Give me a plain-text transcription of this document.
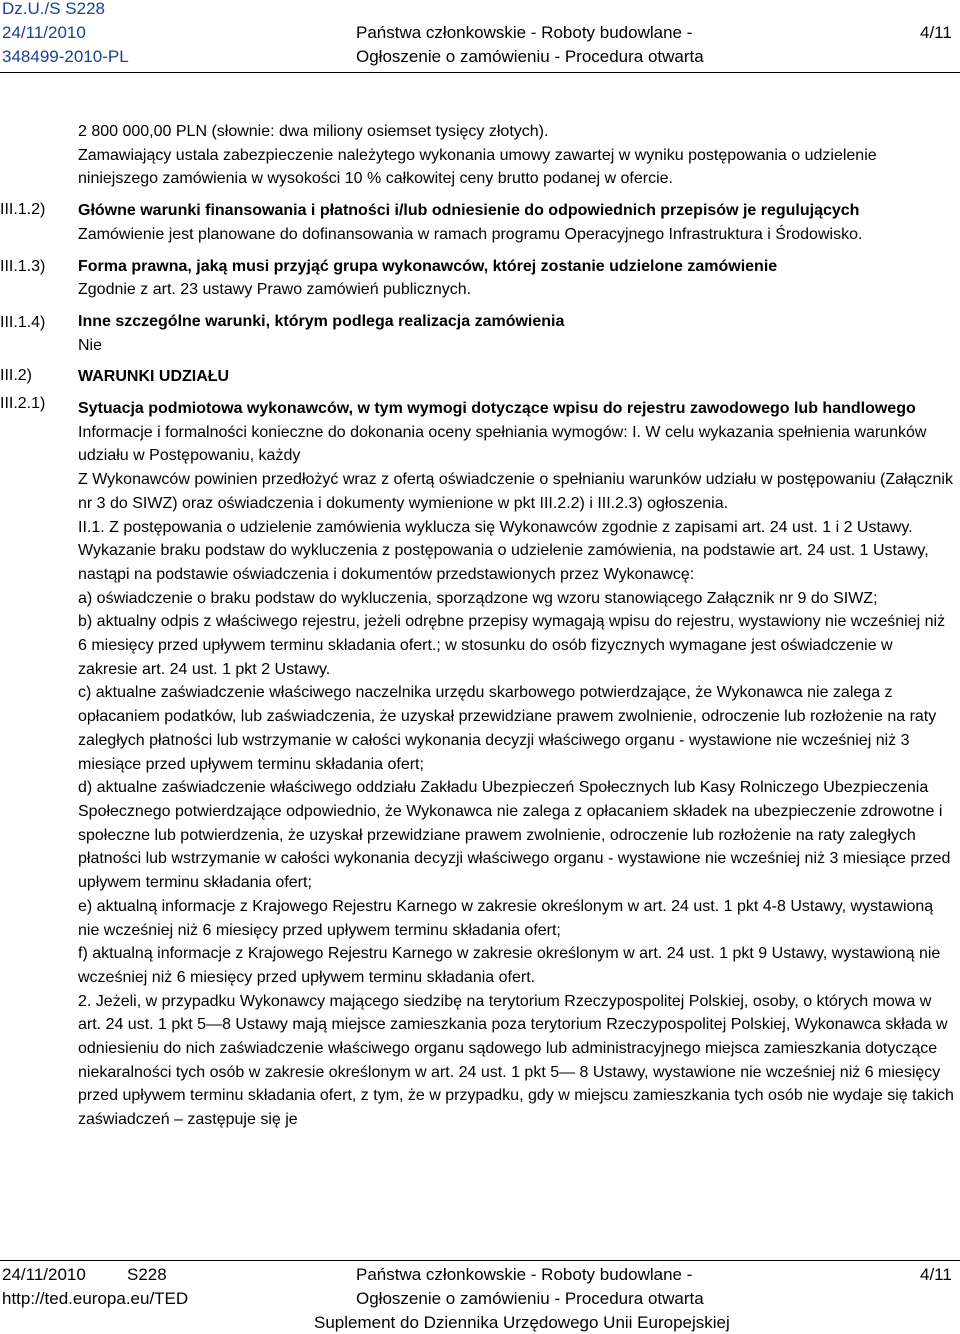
Dz.U./S S228
24/11/2010
348499-2010-PL
Państwa członkowskie - Roboty budowlane -
Ogłoszenie o zamówieniu - Procedura otwarta
4/11
III.1.2)
III.1.3)
III.1.4)
III.2)
III.2.1)

2 800 000,00 PLN (słownie: dwa miliony osiemset tysięcy złotych).

Zamawiający ustala zabezpieczenie należytego wykonania umowy zawartej w wyniku postępowania o udzielenie niniejszego zamówienia w wysokości 10 % całkowitej ceny brutto podanej w ofercie.

Główne warunki finansowania i płatności i/lub odniesienie do odpowiednich przepisów je regulujących

Zamówienie jest planowane do dofinansowania w ramach programu Operacyjnego Infrastruktura i Środowisko.

Forma prawna, jaką musi przyjąć grupa wykonawców, której zostanie udzielone zamówienie

Zgodnie z art. 23 ustawy Prawo zamówień publicznych.

Inne szczególne warunki, którym podlega realizacja zamówienia

Nie

WARUNKI UDZIAŁU

Sytuacja podmiotowa wykonawców, w tym wymogi dotyczące wpisu do rejestru zawodowego lub handlowego

Informacje i formalności konieczne do dokonania oceny spełniania wymogów: I. W celu wykazania spełnienia warunków udziału w Postępowaniu, każdy

Z Wykonawców powinien przedłożyć wraz z ofertą oświadczenie o spełnianiu warunków udziału w postępowaniu (Załącznik nr 3 do SIWZ) oraz oświadczenia i dokumenty wymienione w pkt III.2.2) i III.2.3) ogłoszenia.

II.1. Z postępowania o udzielenie zamówienia wyklucza się Wykonawców zgodnie z zapisami art. 24 ust. 1 i 2 Ustawy. Wykazanie braku podstaw do wykluczenia z postępowania o udzielenie zamówienia, na podstawie art. 24 ust. 1 Ustawy, nastąpi na podstawie oświadczenia i dokumentów przedstawionych przez Wykonawcę:

a) oświadczenie o braku podstaw do wykluczenia, sporządzone wg wzoru stanowiącego Załącznik nr 9 do SIWZ;

b) aktualny odpis z właściwego rejestru, jeżeli odrębne przepisy wymagają wpisu do rejestru, wystawiony nie wcześniej niż 6 miesięcy przed upływem terminu składania ofert.; w stosunku do osób fizycznych wymagane jest oświadczenie w zakresie art. 24 ust. 1 pkt 2 Ustawy.

c) aktualne zaświadczenie właściwego naczelnika urzędu skarbowego potwierdzające, że Wykonawca nie zalega z opłacaniem podatków, lub zaświadczenia, że uzyskał przewidziane prawem zwolnienie, odroczenie lub rozłożenie na raty zaległych płatności lub wstrzymanie w całości wykonania decyzji właściwego organu - wystawione nie wcześniej niż 3 miesiące przed upływem terminu składania ofert;

d) aktualne zaświadczenie właściwego oddziału Zakładu Ubezpieczeń Społecznych lub Kasy Rolniczego Ubezpieczenia Społecznego potwierdzające odpowiednio, że Wykonawca nie zalega z opłacaniem składek na ubezpieczenie zdrowotne i społeczne lub potwierdzenia, że uzyskał przewidziane prawem zwolnienie, odroczenie lub rozłożenie na raty zaległych płatności lub wstrzymanie w całości wykonania decyzji właściwego organu - wystawione nie wcześniej niż 3 miesiące przed upływem terminu składania ofert;

e) aktualną informacje z Krajowego Rejestru Karnego w zakresie określonym w art. 24 ust. 1 pkt 4-8 Ustawy, wystawioną nie wcześniej niż 6 miesięcy przed upływem terminu składania ofert;

f) aktualną informacje z Krajowego Rejestru Karnego w zakresie określonym w art. 24 ust. 1 pkt 9 Ustawy, wystawioną nie wcześniej niż 6 miesięcy przed upływem terminu składania ofert.

2. Jeżeli, w przypadku Wykonawcy mającego siedzibę na terytorium Rzeczypospolitej Polskiej, osoby, o których mowa w art. 24 ust. 1 pkt 5—8 Ustawy mają miejsce zamieszkania poza terytorium Rzeczypospolitej Polskiej, Wykonawca składa w odniesieniu do nich zaświadczenie właściwego organu sądowego lub administracyjnego miejsca zamieszkania dotyczące niekaralności tych osób w zakresie określonym w art. 24 ust. 1 pkt 5— 8 Ustawy, wystawione nie wcześniej niż 6 miesięcy przed upływem terminu składania ofert, z tym, że w przypadku, gdy w miejscu zamieszkania tych osób nie wydaje się takich zaświadczeń – zastępuje się je

24/11/2010 S228
http://ted.europa.eu/TED
Państwa członkowskie - Roboty budowlane -
Ogłoszenie o zamówieniu - Procedura otwarta
Suplement do Dziennika Urzędowego Unii Europejskiej
4/11
